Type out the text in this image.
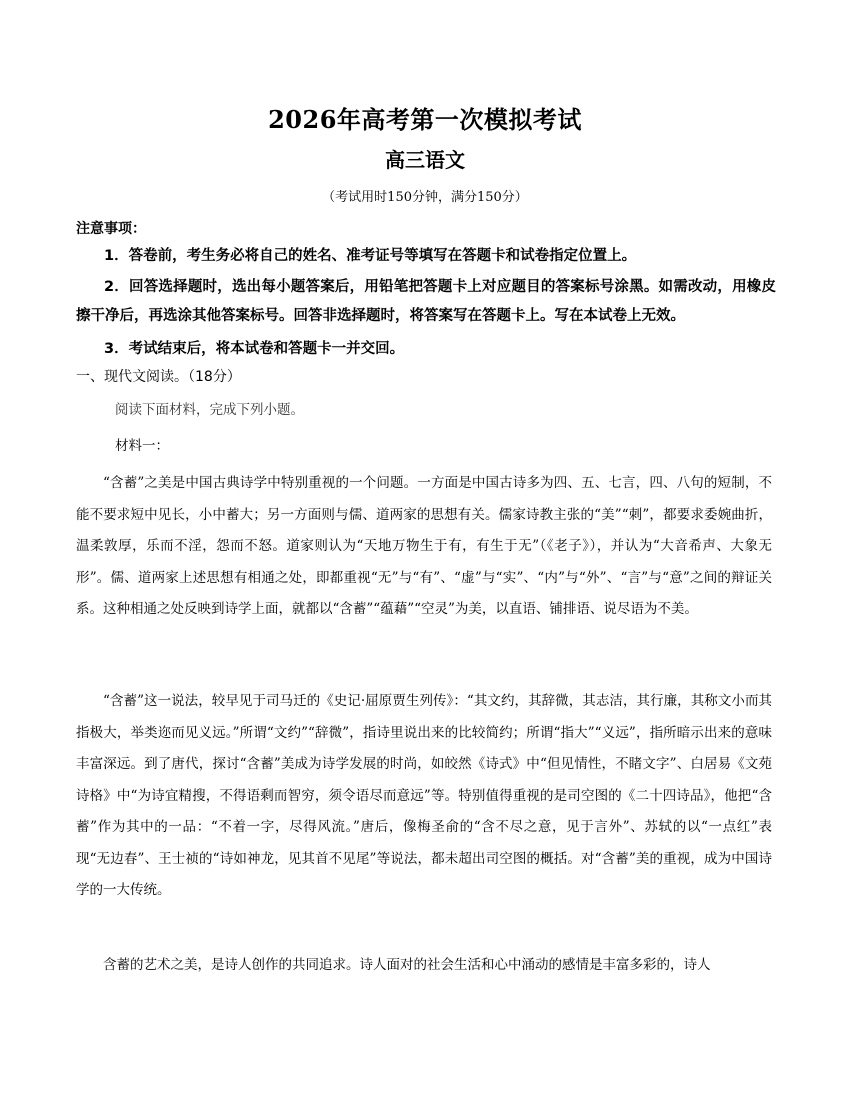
2026年高考第一次模拟考试
高三语文
（考试用时150分钟，满分150分）
注意事项：
1．答卷前，考生务必将自己的姓名、准考证号等填写在答题卡和试卷指定位置上。
2．回答选择题时，选出每小题答案后，用铅笔把答题卡上对应题目的答案标号涂黑。如需改动，用橡皮擦干净后，再选涂其他答案标号。回答非选择题时，将答案写在答题卡上。写在本试卷上无效。
3．考试结束后，将本试卷和答题卡一并交回。
一、现代文阅读。（18分）
阅读下面材料，完成下列小题。
材料一：
“含蓄”之美是中国古典诗学中特别重视的一个问题。一方面是中国古诗多为四、五、七言，四、八句的短制，不能不要求短中见长，小中蓄大；另一方面则与儒、道两家的思想有关。儒家诗教主张的“美”“刺”，都要求委婉曲折，温柔敦厚，乐而不淫，怨而不怒。道家则认为“天地万物生于有，有生于无”（《老子》），并认为“大音希声、大象无形”。儒、道两家上述思想有相通之处，即都重视“无”与“有”、“虚”与“实”、“内”与“外”、“言”与“意”之间的辩证关系。这种相通之处反映到诗学上面，就都以“含蓄”“蕴藉”“空灵”为美，以直语、铺排语、说尽语为不美。
“含蓄”这一说法，较早见于司马迁的《史记·屈原贾生列传》：“其文约，其辞微，其志洁，其行廉，其称文小而其指极大，举类迩而见义远。”所谓“文约”“辞微”，指诗里说出来的比较简约；所谓“指大”“义远”，指所暗示出来的意味丰富深远。到了唐代，探讨“含蓄”美成为诗学发展的时尚，如皎然《诗式》中“但见情性，不睹文字”、白居易《文苑诗格》中“为诗宜精搜，不得语剩而智穷，须令语尽而意远”等。特别值得重视的是司空图的《二十四诗品》，他把“含蓄”作为其中的一品：“不着一字，尽得风流。”唐后，像梅圣俞的“含不尽之意，见于言外”、苏轼的以“一点红”表现“无边春”、王士祯的“诗如神龙，见其首不见尾”等说法，都未超出司空图的概括。对“含蓄”美的重视，成为中国诗学的一大传统。
含蓄的艺术之美，是诗人创作的共同追求。诗人面对的社会生活和心中涌动的感情是丰富多彩的，诗人
